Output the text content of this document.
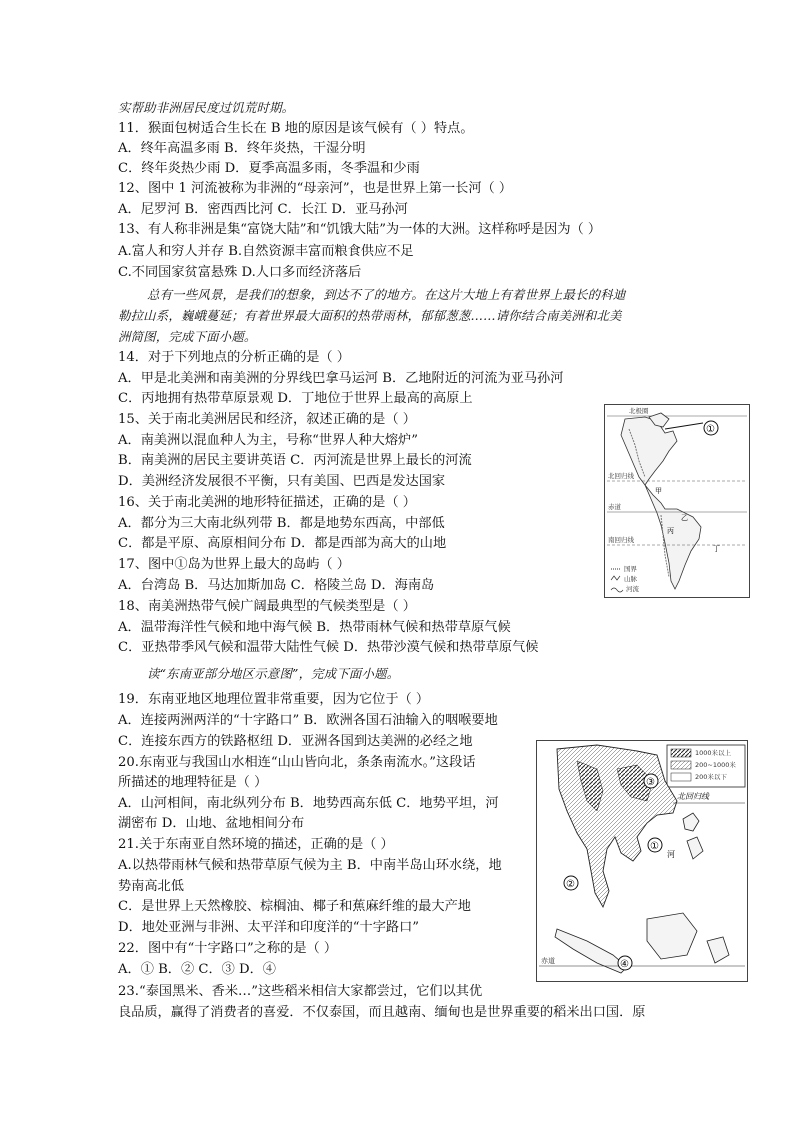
实帮助非洲居民度过饥荒时期。
11．猴面包树适合生长在 B 地的原因是该气候有（ ）特点。
A．终年高温多雨 B．终年炎热，干湿分明
C．终年炎热少雨 D．夏季高温多雨，冬季温和少雨
12、图中 1 河流被称为非洲的“母亲河”，也是世界上第一长河（ ）
A．尼罗河 B．密西西比河 C．长江 D．亚马孙河
13、有人称非洲是集“富饶大陆”和“饥饿大陆”为一体的大洲。这样称呼是因为（ ）
A.富人和穷人并存 B.自然资源丰富而粮食供应不足
C.不同国家贫富悬殊 D.人口多而经济落后
总有一些风景，是我们的想象，到达不了的地方。在这片大地上有着世界上最长的科迪
勒拉山系，巍峨蔓延；有着世界最大面积的热带雨林，郁郁葱葱……请你结合南美洲和北美
洲简图，完成下面小题。
14．对于下列地点的分析正确的是（ ）
A．甲是北美洲和南美洲的分界线巴拿马运河 B．乙地附近的河流为亚马孙河
C．丙地拥有热带草原景观 D．丁地位于世界上最高的高原上
15、关于南北美洲居民和经济，叙述正确的是（ ）
A．南美洲以混血种人为主，号称“世界人种大熔炉”
B．南美洲的居民主要讲英语 C．丙河流是世界上最长的河流
D．美洲经济发展很不平衡，只有美国、巴西是发达国家
16、关于南北美洲的地形特征描述，正确的是（ ）
A．都分为三大南北纵列带 B．都是地势东西高，中部低
C．都是平原、高原相间分布 D．都是西部为高大的山地
17、图中①岛为世界上最大的岛屿（ ）
A．台湾岛 B．马达加斯加岛 C．格陵兰岛 D．海南岛
18、南美洲热带气候广阔最典型的气候类型是（ ）
A．温带海洋性气候和地中海气候 B．热带雨林气候和热带草原气候
C．亚热带季风气候和温带大陆性气候 D．热带沙漠气候和热带草原气候
读“东南亚部分地区示意图”，完成下面小题。
19．东南亚地区地理位置非常重要，因为它位于（ ）
A．连接两洲两洋的“十字路口” B．欧洲各国石油输入的咽喉要地
C．连接东西方的铁路枢纽 D．亚洲各国到达美洲的必经之地
20.东南亚与我国山水相连“山山皆向北，条条南流水。”这段话
所描述的地理特征是（ ）
A．山河相间，南北纵列分布 B．地势西高东低 C．地势平坦，河
湖密布 D．山地、盆地相间分布
21.关于东南亚自然环境的描述，正确的是（ ）
A.以热带雨林气候和热带草原气候为主 B．中南半岛山环水绕，地
势南高北低
C．是世界上天然橡胶、棕榈油、椰子和蕉麻纤维的最大产地
D．地处亚洲与非洲、太平洋和印度洋的“十字路口”
22．图中有“十字路口”之称的是（ ）
A．① B．② C．③ D．④
23.“泰国黑米、香米…”这些稻米相信大家都尝过，它们以其优
良品质，赢得了消费者的喜爱．不仅泰国，而且越南、缅甸也是世界重要的稻米出口国．原
北极圈
①
北回归线
赤道
南回归线
甲
乙
丙
丁
国界
山脉
河流
1000米以上
200~1000米
200米以下
北回归线
赤道
①
②
③
④
河
